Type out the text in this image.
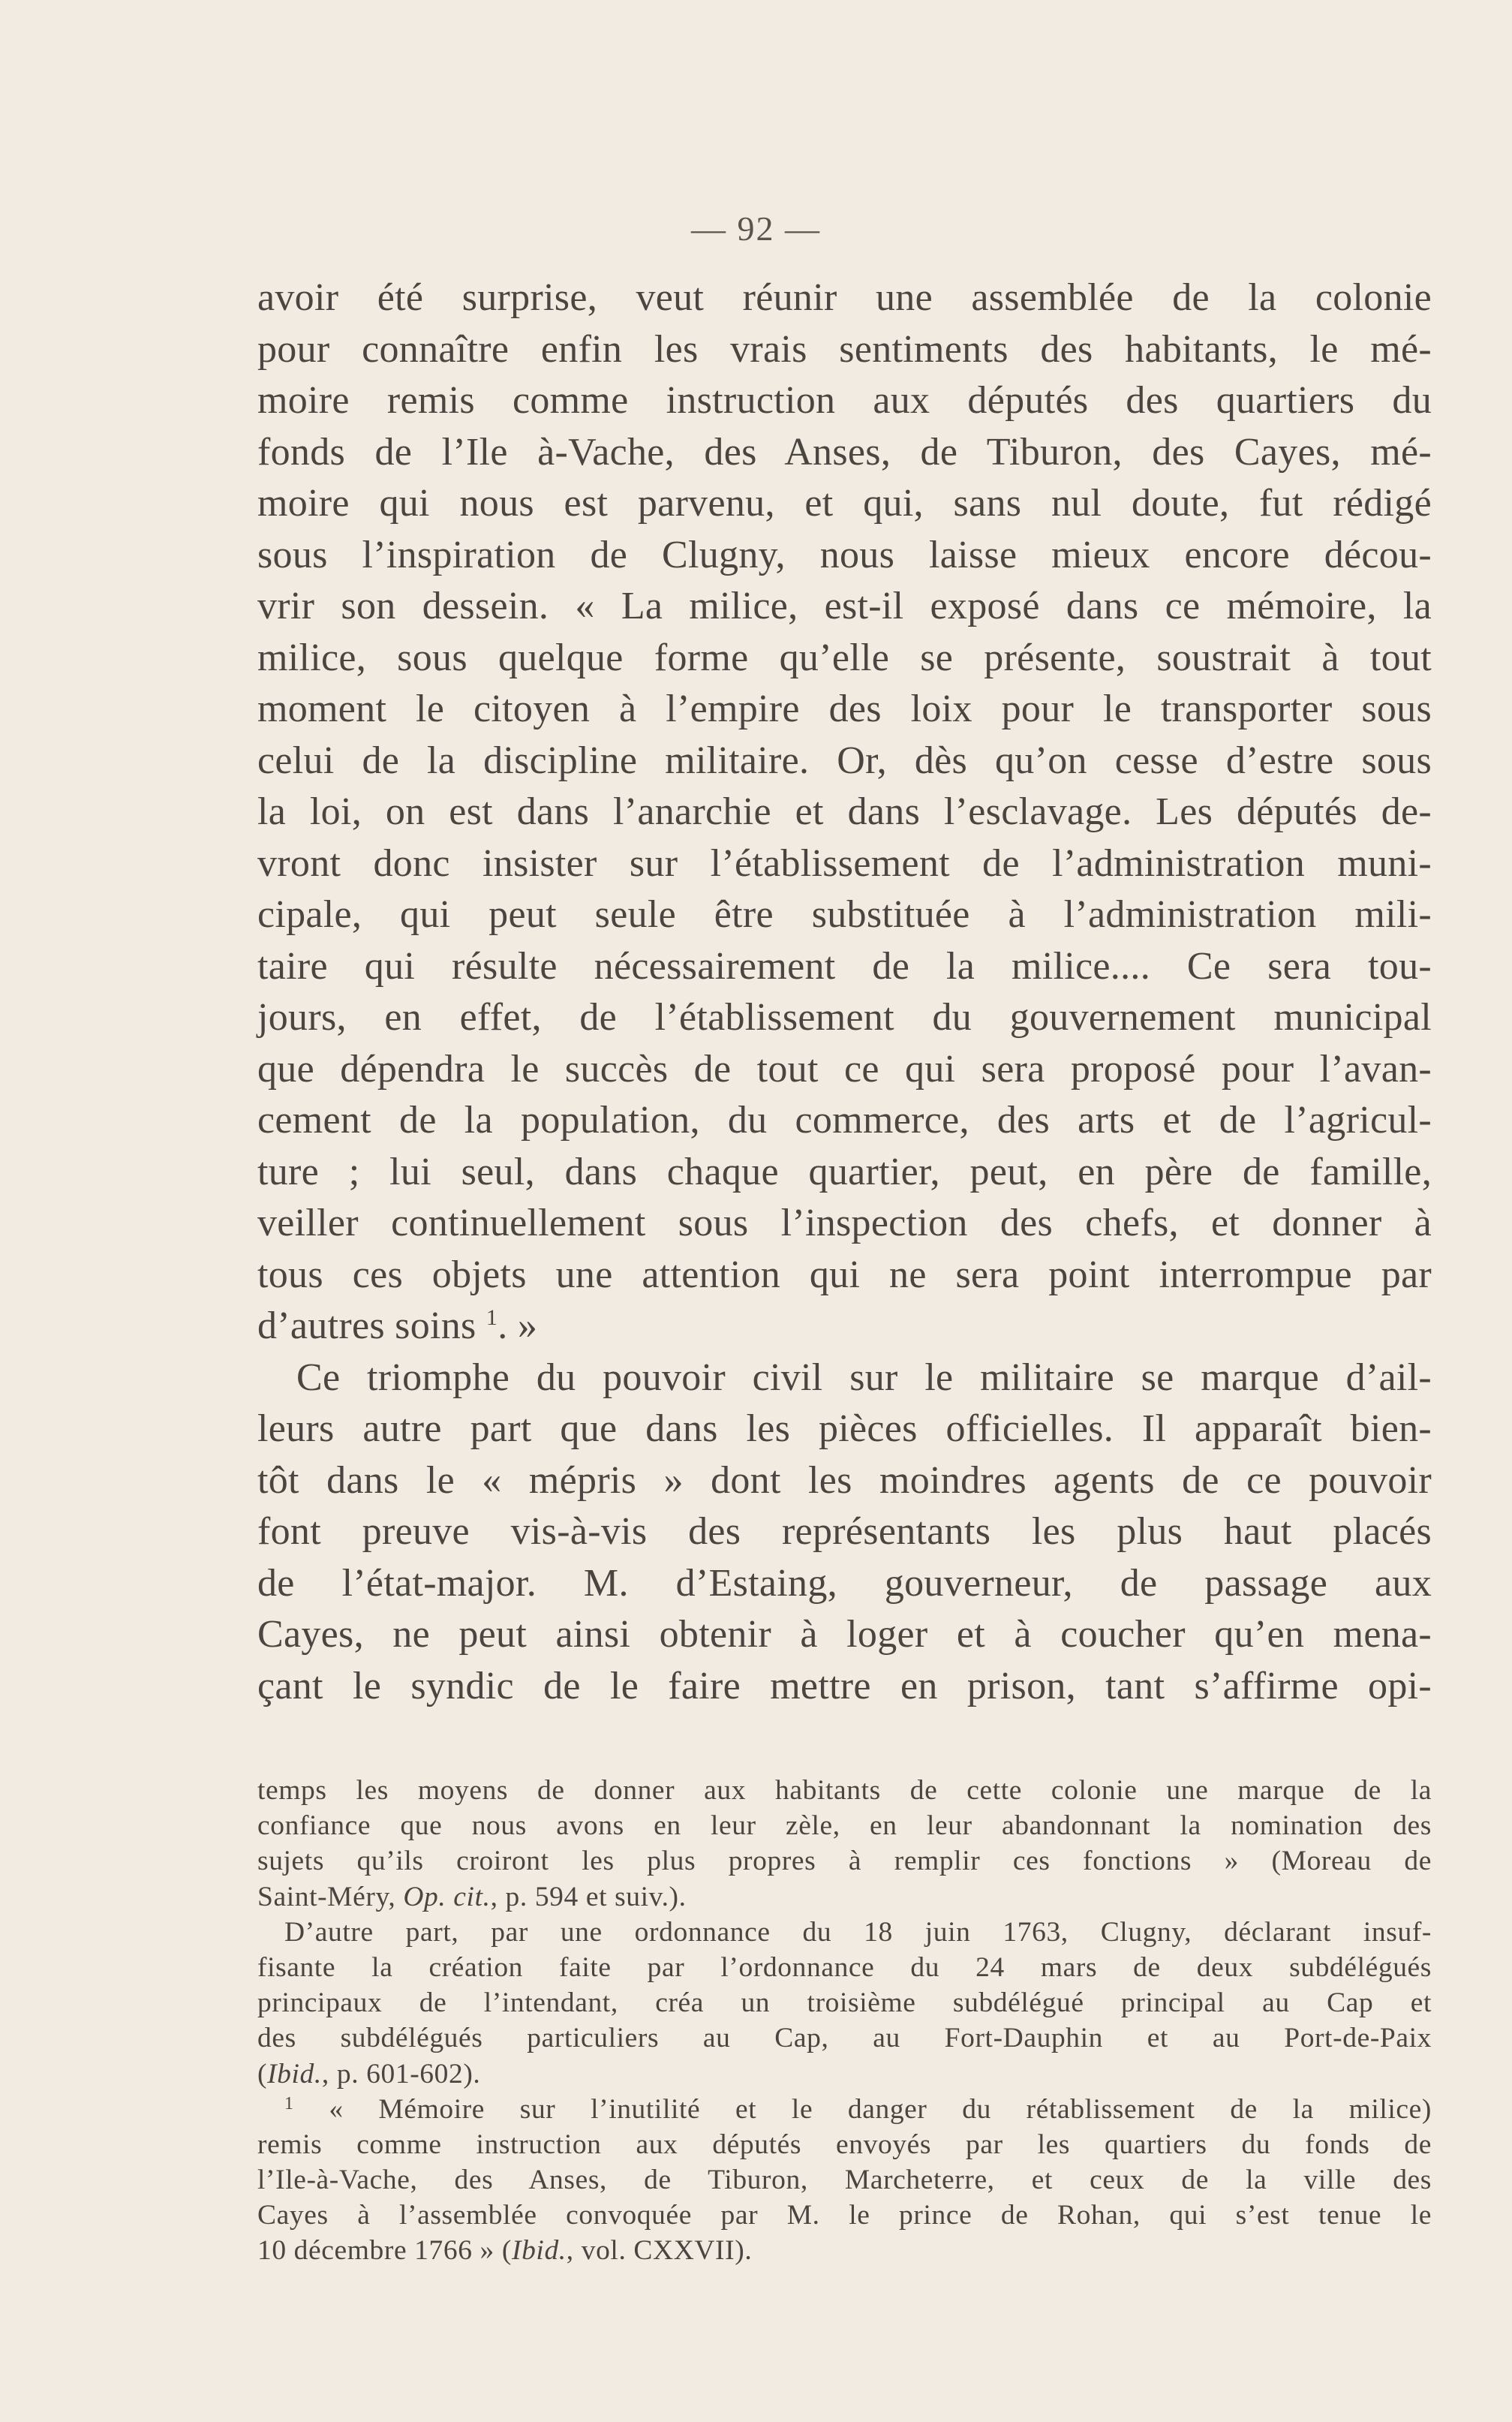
— 92 —
avoir été surprise, veut réunir une assemblée de la colonie
pour connaître enfin les vrais sentiments des habitants, le mé-
moire remis comme instruction aux députés des quartiers du
fonds de l’Ile à-Vache, des Anses, de Tiburon, des Cayes, mé-
moire qui nous est parvenu, et qui, sans nul doute, fut rédigé
sous l’inspiration de Clugny, nous laisse mieux encore décou-
vrir son dessein. « La milice, est-il exposé dans ce mémoire, la
milice, sous quelque forme qu’elle se présente, soustrait à tout
moment le citoyen à l’empire des loix pour le transporter sous
celui de la discipline militaire. Or, dès qu’on cesse d’estre sous
la loi, on est dans l’anarchie et dans l’esclavage. Les députés de-
vront donc insister sur l’établissement de l’administration muni-
cipale, qui peut seule être substituée à l’administration mili-
taire qui résulte nécessairement de la milice.... Ce sera tou-
jours, en effet, de l’établissement du gouvernement municipal
que dépendra le succès de tout ce qui sera proposé pour l’avan-
cement de la population, du commerce, des arts et de l’agricul-
ture ; lui seul, dans chaque quartier, peut, en père de famille,
veiller continuellement sous l’inspection des chefs, et donner à
tous ces objets une attention qui ne sera point interrompue par
d’autres soins $^1$. »
Ce triomphe du pouvoir civil sur le militaire se marque d’ail-
leurs autre part que dans les pièces officielles. Il apparaît bien-
tôt dans le « mépris » dont les moindres agents de ce pouvoir
font preuve vis-à-vis des représentants les plus haut placés
de l’état-major. M. d’Estaing, gouverneur, de passage aux
Cayes, ne peut ainsi obtenir à loger et à coucher qu’en mena-
çant le syndic de le faire mettre en prison, tant s’affirme opi-
temps les moyens de donner aux habitants de cette colonie une marque de la
confiance que nous avons en leur zèle, en leur abandonnant la nomination des
sujets qu’ils croiront les plus propres à remplir ces fonctions » (Moreau de
Saint-Méry, Op. cit., p. 594 et suiv.).
D’autre part, par une ordonnance du 18 juin 1763, Clugny, déclarant insuf-
fisante la création faite par l’ordonnance du 24 mars de deux subdélégués
principaux de l’intendant, créa un troisième subdélégué principal au Cap et
des subdélégués particuliers au Cap, au Fort-Dauphin et au Port-de-Paix
(Ibid., p. 601-602).
$^1$ « Mémoire sur l’inutilité et le danger du rétablissement de la milice)
remis comme instruction aux députés envoyés par les quartiers du fonds de
l’Ile-à-Vache, des Anses, de Tiburon, Marcheterre, et ceux de la ville des
Cayes à l’assemblée convoquée par M. le prince de Rohan, qui s’est tenue le
10 décembre 1766 » (Ibid., vol. CXXVII).
